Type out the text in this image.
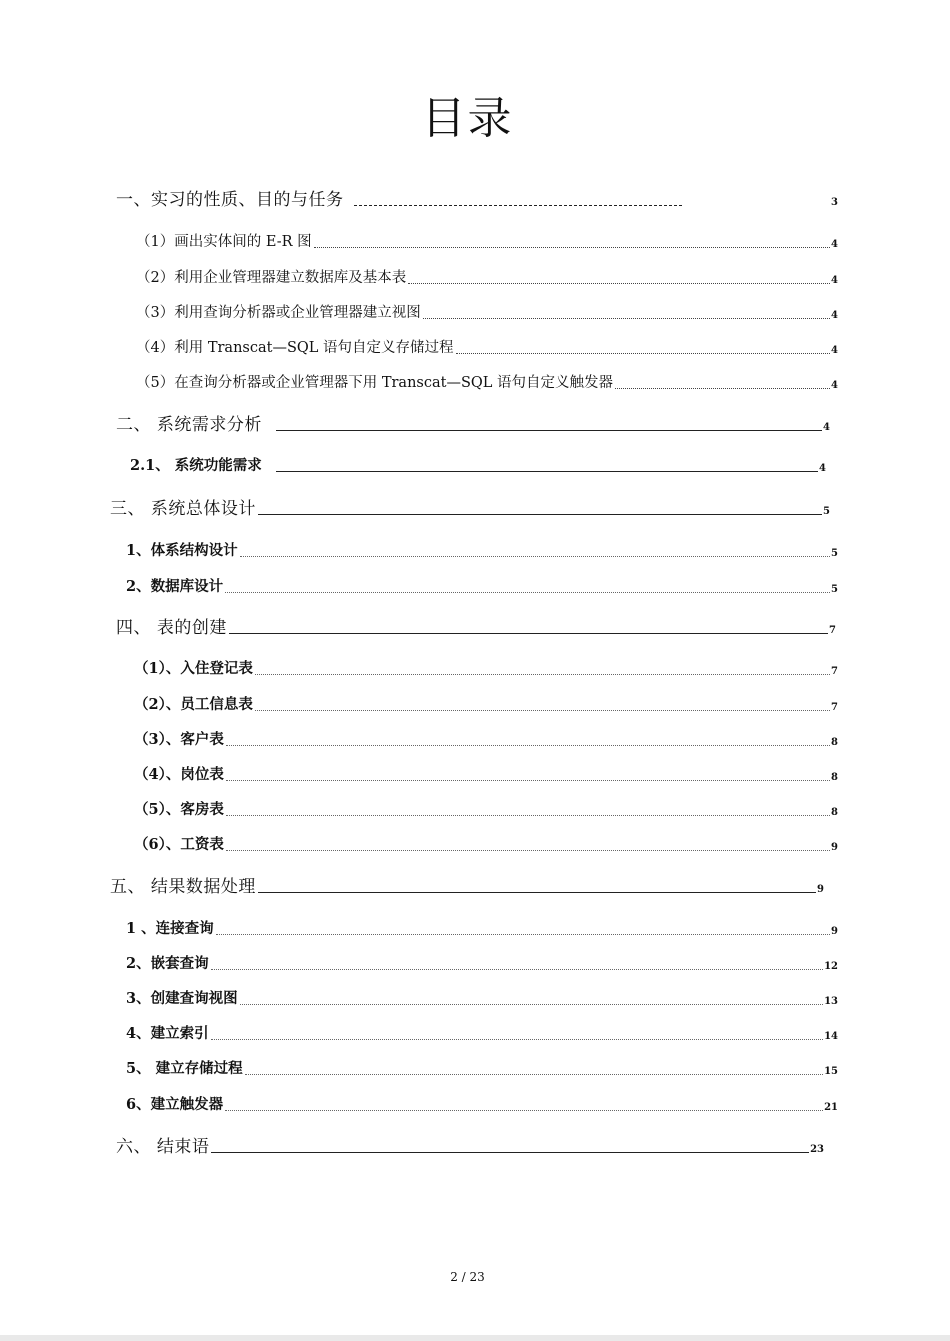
目录
一、实习的性质、目的与任务	3
（1）画出实体间的 E-R 图	4
（2）利用企业管理器建立数据库及基本表	4
（3）利用查询分析器或企业管理器建立视图	4
（4）利用 Transcat—SQL 语句自定义存储过程	4
（5）在查询分析器或企业管理器下用 Transcat—SQL 语句自定义触发器	4
二、 系统需求分析	4
2.1、 系统功能需求	4
三、 系统总体设计	5
1、体系结构设计	5
2、数据库设计	5
四、 表的创建	7
（1）、入住登记表	7
（2）、员工信息表	7
（3）、客户表	8
（4）、岗位表	8
（5）、客房表	8
（6）、工资表	9
五、 结果数据处理	9
1 、连接查询	9
2、嵌套查询	12
3、创建查询视图	13
4、建立索引	14
5、 建立存储过程	15
6、建立触发器	21
六、 结束语	23
2 / 23
